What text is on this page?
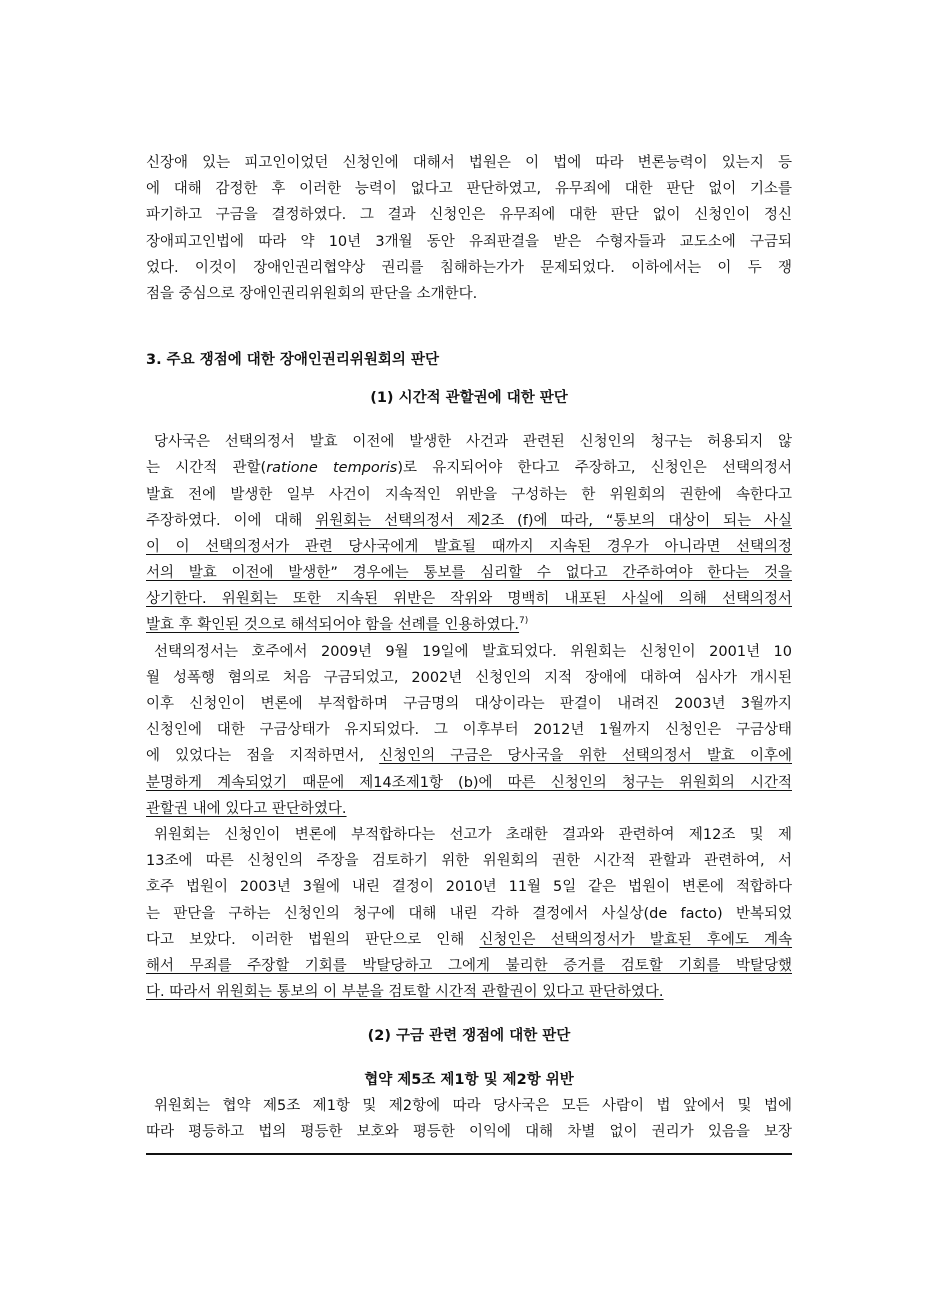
신장애 있는 피고인이었던 신청인에 대해서 법원은 이 법에 따라 변론능력이 있는지 등
에 대해 감정한 후 이러한 능력이 없다고 판단하였고, 유무죄에 대한 판단 없이 기소를
파기하고 구금을 결정하였다. 그 결과 신청인은 유무죄에 대한 판단 없이 신청인이 정신
장애피고인법에 따라 약 10년 3개월 동안 유죄판결을 받은 수형자들과 교도소에 구금되
었다. 이것이 장애인권리협약상 권리를 침해하는가가 문제되었다. 이하에서는 이 두 쟁
점을 중심으로 장애인권리위원회의 판단을 소개한다.
3. 주요 쟁점에 대한 장애인권리위원회의 판단
(1) 시간적 관할권에 대한 판단
당사국은 선택의정서 발효 이전에 발생한 사건과 관련된 신청인의 청구는 허용되지 않
는 시간적 관할(ratione temporis)로 유지되어야 한다고 주장하고, 신청인은 선택의정서
발효 전에 발생한 일부 사건이 지속적인 위반을 구성하는 한 위원회의 권한에 속한다고
주장하였다. 이에 대해 위원회는 선택의정서 제2조 (f)에 따라, “통보의 대상이 되는 사실
이 이 선택의정서가 관련 당사국에게 발효될 때까지 지속된 경우가 아니라면 선택의정
서의 발효 이전에 발생한” 경우에는 통보를 심리할 수 없다고 간주하여야 한다는 것을
상기한다. 위원회는 또한 지속된 위반은 작위와 명백히 내포된 사실에 의해 선택의정서
발효 후 확인된 것으로 해석되어야 함을 선례를 인용하였다.$^{7)}$
선택의정서는 호주에서 2009년 9월 19일에 발효되었다. 위원회는 신청인이 2001년 10
월 성폭행 혐의로 처음 구금되었고, 2002년 신청인의 지적 장애에 대하여 심사가 개시된
이후 신청인이 변론에 부적합하며 구금명의 대상이라는 판결이 내려진 2003년 3월까지
신청인에 대한 구금상태가 유지되었다. 그 이후부터 2012년 1월까지 신청인은 구금상태
에 있었다는 점을 지적하면서, 신청인의 구금은 당사국을 위한 선택의정서 발효 이후에
분명하게 계속되었기 때문에 제14조제1항 (b)에 따른 신청인의 청구는 위원회의 시간적
관할권 내에 있다고 판단하였다.
위원회는 신청인이 변론에 부적합하다는 선고가 초래한 결과와 관련하여 제12조 및 제
13조에 따른 신청인의 주장을 검토하기 위한 위원회의 권한 시간적 관할과 관련하여, 서
호주 법원이 2003년 3월에 내린 결정이 2010년 11월 5일 같은 법원이 변론에 적합하다
는 판단을 구하는 신청인의 청구에 대해 내린 각하 결정에서 사실상(de facto) 반복되었
다고 보았다. 이러한 법원의 판단으로 인해 신청인은 선택의정서가 발효된 후에도 계속
해서 무죄를 주장할 기회를 박탈당하고 그에게 불리한 증거를 검토할 기회를 박탈당했
다. 따라서 위원회는 통보의 이 부분을 검토할 시간적 관할권이 있다고 판단하였다.
(2) 구금 관련 쟁점에 대한 판단
협약 제5조 제1항 및 제2항 위반
위원회는 협약 제5조 제1항 및 제2항에 따라 당사국은 모든 사람이 법 앞에서 및 법에
따라 평등하고 법의 평등한 보호와 평등한 이익에 대해 차별 없이 권리가 있음을 보장
